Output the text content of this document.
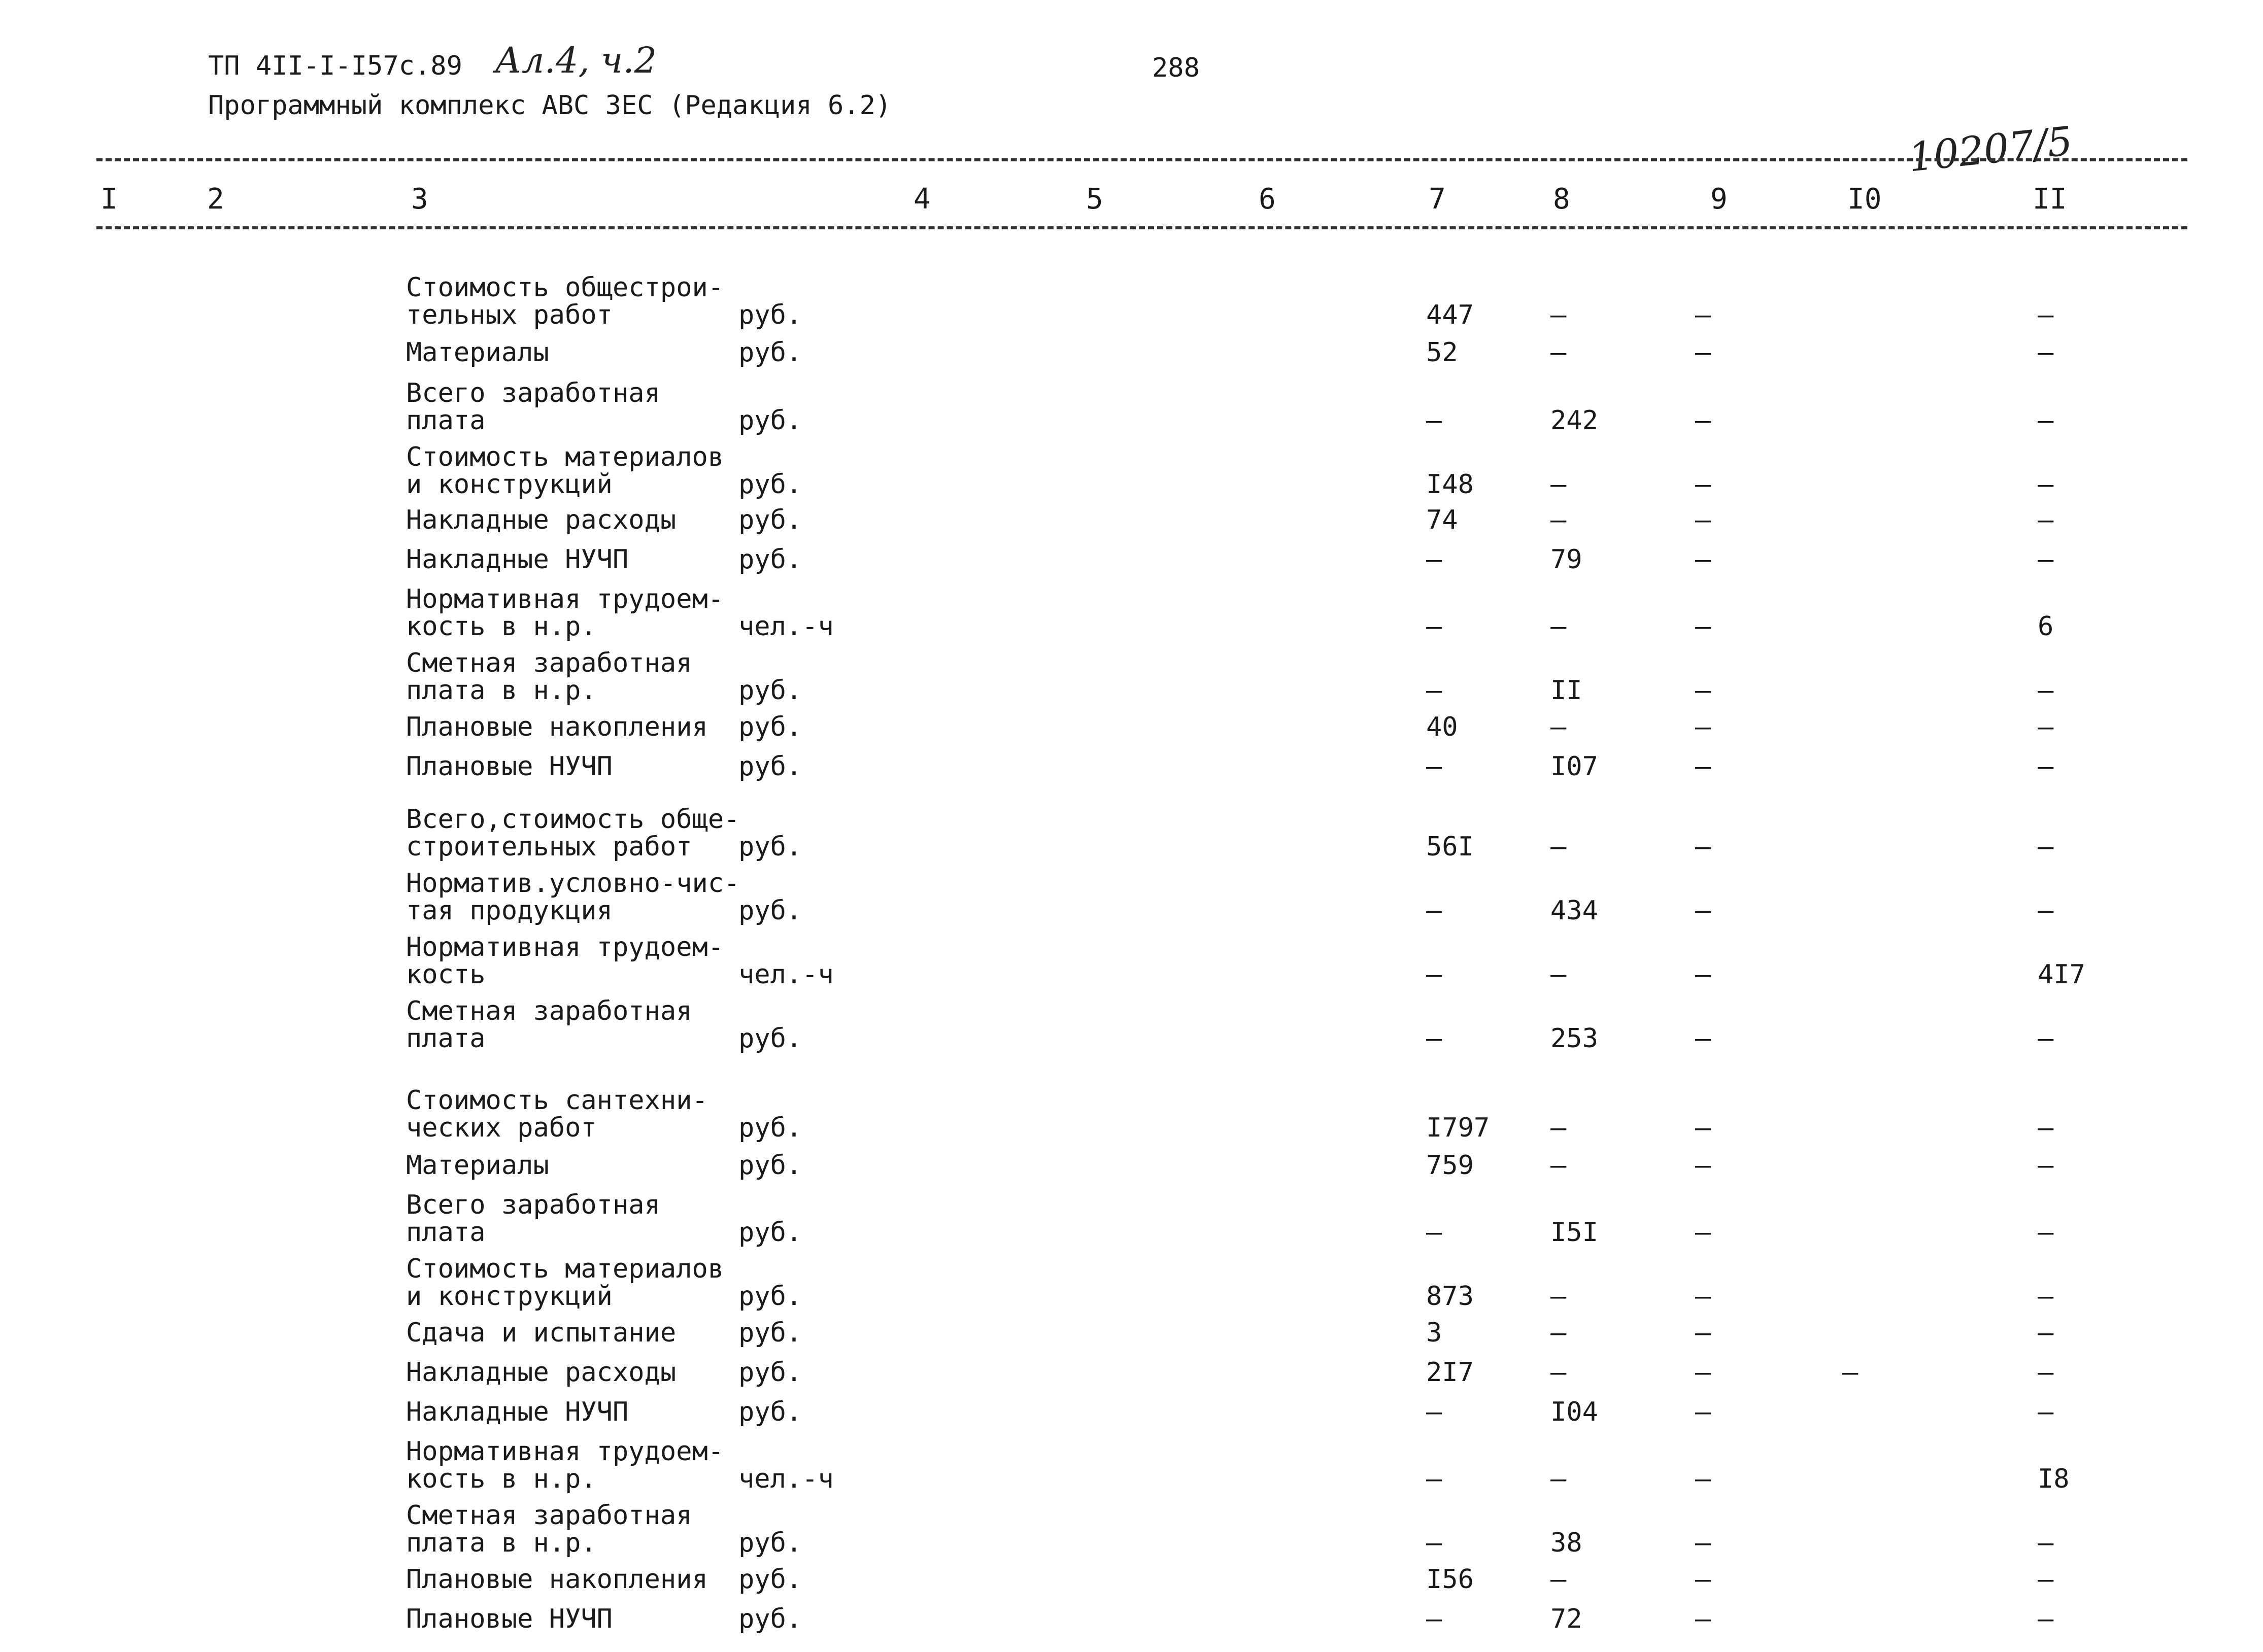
ТП 4II-I-I57с.89 Ал.4, ч.2	288
Программный комплекс АВС ЗЕС (Редакция 6.2)
10207/5
I	2	3	4	5	6	7	8	9	I0	II
Стоимость общестрои-
тельных работ	руб.	447	–	–	–
Материалы	руб.	52	–	–	–
Всего заработная
плата	руб.	–	242	–	–
Стоимость материалов
и конструкций	руб.	I48	–	–	–
Накладные расходы руб.	74	–	–	–
Накладные НУЧП	руб.	–	79	–	–
Нормативная трудоем-
кость в н.р.	чел.-ч	–	–	–	6
Сметная заработная
плата в н.р.	руб.	–	II	–	–
Плановые накопления руб.	40	–	–	–
Плановые НУЧП	руб.	–	I07	–	–
Всего,стоимость обще-
строительных работ руб.	56I	–	–	–
Норматив.условно-чис-
тая продукция	руб.	–	434	–	–
Нормативная трудоем-
кость	чел.-ч	–	–	–	4I7
Сметная заработная
плата	руб.	–	253	–	–
Стоимость сантехни-
ческих работ	руб.	I797 –	–	–
Материалы	руб.	759	–	–	–
Всего заработная
плата	руб.	–	I5I	–	–
Стоимость материалов
и конструкций	руб.	873	–	–	–
Сдача и испытание руб.	3	–	–	–
Накладные расходы руб.	2I7	–	–	–	–
Накладные НУЧП	руб.	–	I04	–	–
Нормативная трудоем-
кость в н.р.	чел.-ч	–	–	–	I8
Сметная заработная
плата в н.р.	руб.	–	38	–	–
Плановые накопления руб.	I56	–	–	–
Плановые НУЧП	руб.	–	72	–	–
